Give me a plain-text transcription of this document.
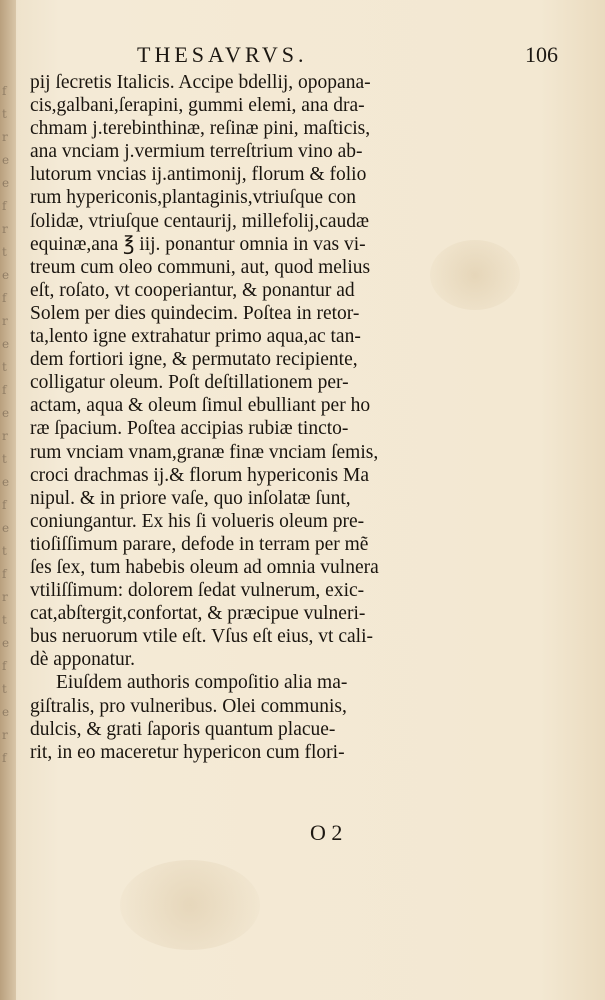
f
t
r
e
e
f
r
t
e
f
r
e
t
f
e
r
t
e
f
e
t
f
r
t
e
f
t
e
r
f
THESAVRVS.	106
pij ſecretis Italicis. Accipe bdellij, opopana-
cis,galbani,ſerapini, gummi elemi, ana dra-
chmam j.terebinthinæ, reſinæ pini, maſticis,
ana vnciam j.vermium terreſtrium vino ab-
lutorum vncias ij.antimonij, florum & folio
rum hypericonis,plantaginis,vtriuſque con
ſolidæ, vtriuſque centaurij, millefolij,caudæ
equinæ,ana ℥ iij. ponantur omnia in vas vi-
treum cum oleo communi, aut, quod melius
eſt, roſato, vt cooperiantur, & ponantur ad
Solem per dies quindecim. Poſtea in retor-
ta,lento igne extrahatur primo aqua,ac tan-
dem fortiori igne, & permutato recipiente,
colligatur oleum. Poſt deſtillationem per-
actam, aqua & oleum ſimul ebulliant per ho
ræ ſpacium. Poſtea accipias rubiæ tincto-
rum vnciam vnam,granæ finæ vnciam ſemis,
croci drachmas ij.& florum hypericonis Ma
nipul. & in priore vaſe, quo inſolatæ ſunt,
coniungantur. Ex his ſi volueris oleum pre-
tioſiſſimum parare, defode in terram per mẽ
ſes ſex, tum habebis oleum ad omnia vulnera
vtiliſſimum: dolorem ſedat vulnerum, exic-
cat,abſtergit,confortat, & præcipue vulneri-
bus neruorum vtile eſt. Vſus eſt eius, vt cali-
dè apponatur.
Eiuſdem authoris compoſitio alia ma-
giſtralis, pro vulneribus. Olei communis,
dulcis, & grati ſaporis quantum placue-
rit, in eo maceretur hypericon cum flori-
O 2
